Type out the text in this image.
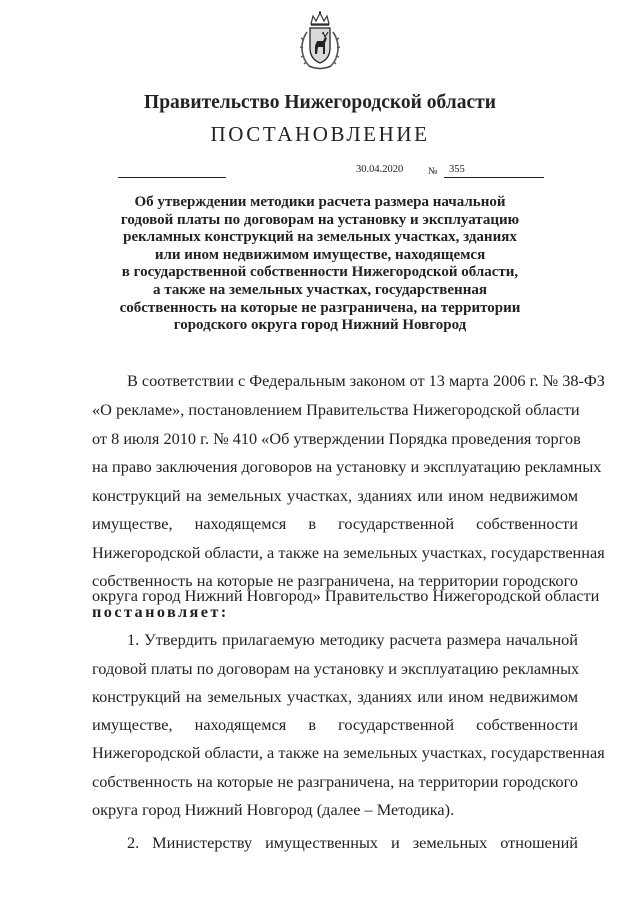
Правительство Нижегородской области
ПОСТАНОВЛЕНИЕ
30.04.2020 № 355

Об утверждении методики расчета размера начальной
годовой платы по договорам на установку и эксплуатацию
рекламных конструкций на земельных участках, зданиях
или ином недвижимом имуществе, находящемся
в государственной собственности Нижегородской области,
а также на земельных участках, государственная
собственность на которые не разграничена, на территории
городского округа город Нижний Новгород

В соответствии с Федеральным законом от 13 марта 2006 г. № 38-ФЗ

«О рекламе», постановлением Правительства Нижегородской области

от 8 июля 2010 г. № 410 «Об утверждении Порядка проведения торгов

на право заключения договоров на установку и эксплуатацию рекламных

конструкций на земельных участках, зданиях или ином недвижимом

имуществе, находящемся в государственной собственности

Нижегородской области, а также на земельных участках, государственная

собственность на которые не разграничена, на территории городского

округа город Нижний Новгород» Правительство Нижегородской области

постановляет:

1. Утвердить прилагаемую методику расчета размера начальной

годовой платы по договорам на установку и эксплуатацию рекламных

конструкций на земельных участках, зданиях или ином недвижимом

имуществе, находящемся в государственной собственности

Нижегородской области, а также на земельных участках, государственная

собственность на которые не разграничена, на территории городского

округа город Нижний Новгород (далее – Методика).

2. Министерству имущественных и земельных отношений
